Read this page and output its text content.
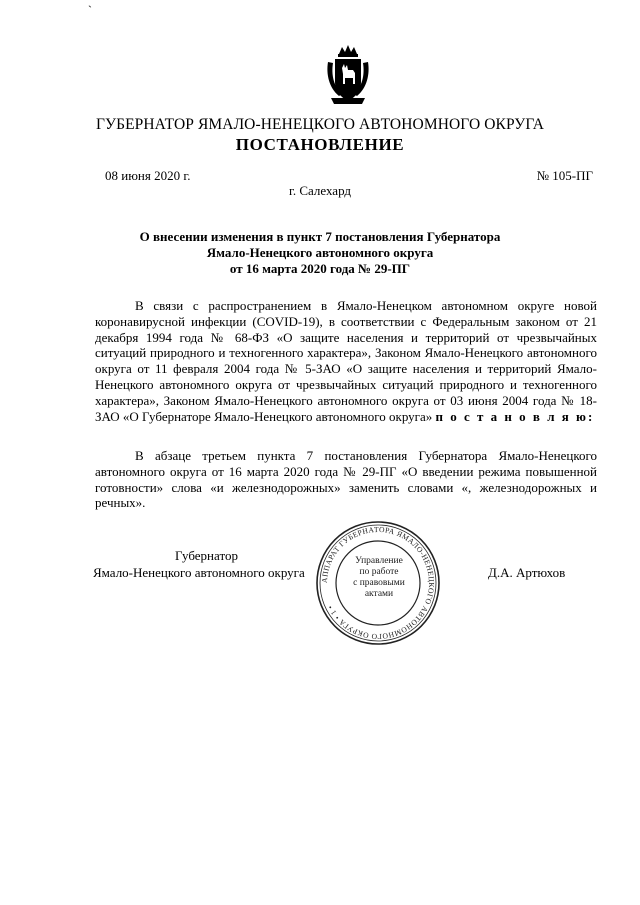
`
ГУБЕРНАТОР ЯМАЛО-НЕНЕЦКОГО АВТОНОМНОГО ОКРУГА
ПОСТАНОВЛЕНИЕ
08 июня 2020 г.	№ 105-ПГ
г. Салехард
О внесении изменения в пункт 7 постановления Губернатора
Ямало-Ненецкого автономного округа
от 16 марта 2020 года № 29-ПГ

В связи с распространением в Ямало-Ненецком автономном округе новой коронавирусной инфекции (COVID-19), в соответствии с Федеральным законом от 21 декабря 1994 года № 68-ФЗ «О защите населения и территорий от чрезвычайных ситуаций природного и техногенного характера», Законом Ямало-Ненецкого автономного округа от 11 февраля 2004 года № 5-ЗАО «О защите населения и территорий Ямало-Ненецкого автономного округа от чрезвычайных ситуаций природного и техногенного характера», Законом Ямало-Ненецкого автономного округа от 03 июня 2004 года № 18-ЗАО «О Губернаторе Ямало-Ненецкого автономного округа» п о с т а н о в л я ю:

В абзаце третьем пункта 7 постановления Губернатора Ямало-Ненецкого автономного округа от 16 марта 2020 года № 29-ПГ «О введении режима повышенной готовности» слова «и железнодорожных» заменить словами «, железнодорожных и речных».

Губернатор
Ямало-Ненецкого автономного округа	Д.А. Артюхов
АППАРАТ ГУБЕРНАТОРА ЯМАЛО-НЕНЕЦКОГО АВТОНОМНОГО ОКРУГА • 1 •
Управление
по работе
с правовыми
актами
